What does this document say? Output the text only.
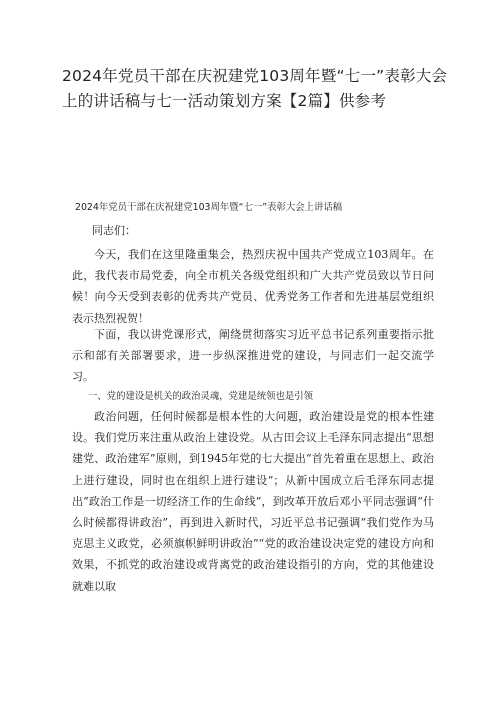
2024年党员干部在庆祝建党103周年暨“七一”表彰大会上的讲话稿与七一活动策划方案【2篇】供参考
2024年党员干部在庆祝建党103周年暨“七一”表彰大会上讲话稿
同志们：
今天，我们在这里隆重集会，热烈庆祝中国共产党成立103周年。在此，我代表市局党委，向全市机关各级党组织和广大共产党员致以节日问候！向今天受到表彰的优秀共产党员、优秀党务工作者和先进基层党组织表示热烈祝贺！
下面，我以讲党课形式，阐绕贯彻落实习近平总书记系列重要指示批示和部有关部署要求，进一步纵深推进党的建设，与同志们一起交流学习。
一、党的建设是机关的政治灵魂，党建是统领也是引领
政治问题，任何时候都是根本性的大问题，政治建设是党的根本性建设。我们党历来注重从政治上建设党。从古田会议上毛泽东同志提出“思想建党、政治建军”原则，到1945年党的七大提出“首先着重在思想上、政治上进行建设，同时也在组织上进行建设”；从新中国成立后毛泽东同志提出“政治工作是一切经济工作的生命线”，到改革开放后邓小平同志强调“什么时候都得讲政治”，再到进入新时代，习近平总书记强调“我们党作为马克思主义政党，必须旗帜鲜明讲政治”“党的政治建设决定党的建设方向和效果，不抓党的政治建设或背离党的政治建设指引的方向，党的其他建设就难以取
